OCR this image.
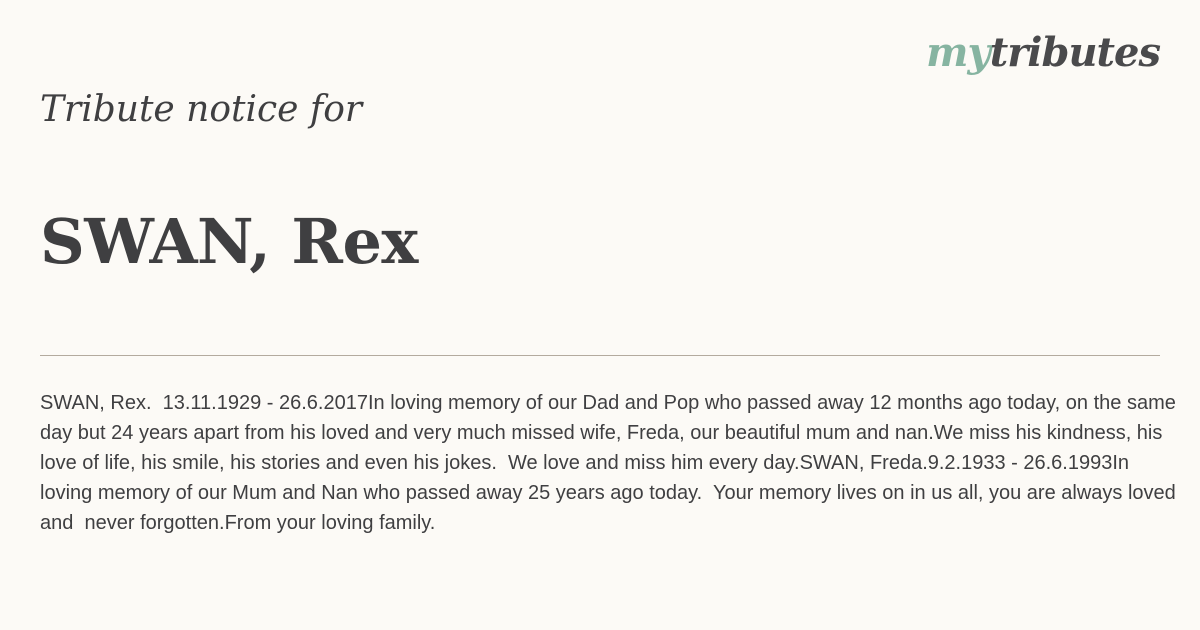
mytributes
Tribute notice for
SWAN, Rex

SWAN, Rex.  13.11.1929 - 26.6.2017In loving memory of our Dad and Pop who passed away 12 months ago today, on the same day but 24 years apart from his loved and very much missed wife, Freda, our beautiful mum and nan.We miss his kindness, his love of life, his smile, his stories and even his jokes.  We love and miss him every day.SWAN, Freda.9.2.1933 - 26.6.1993In loving memory of our Mum and Nan who passed away 25 years ago today.  Your memory lives on in us all, you are always loved and  never forgotten.From your loving family.
